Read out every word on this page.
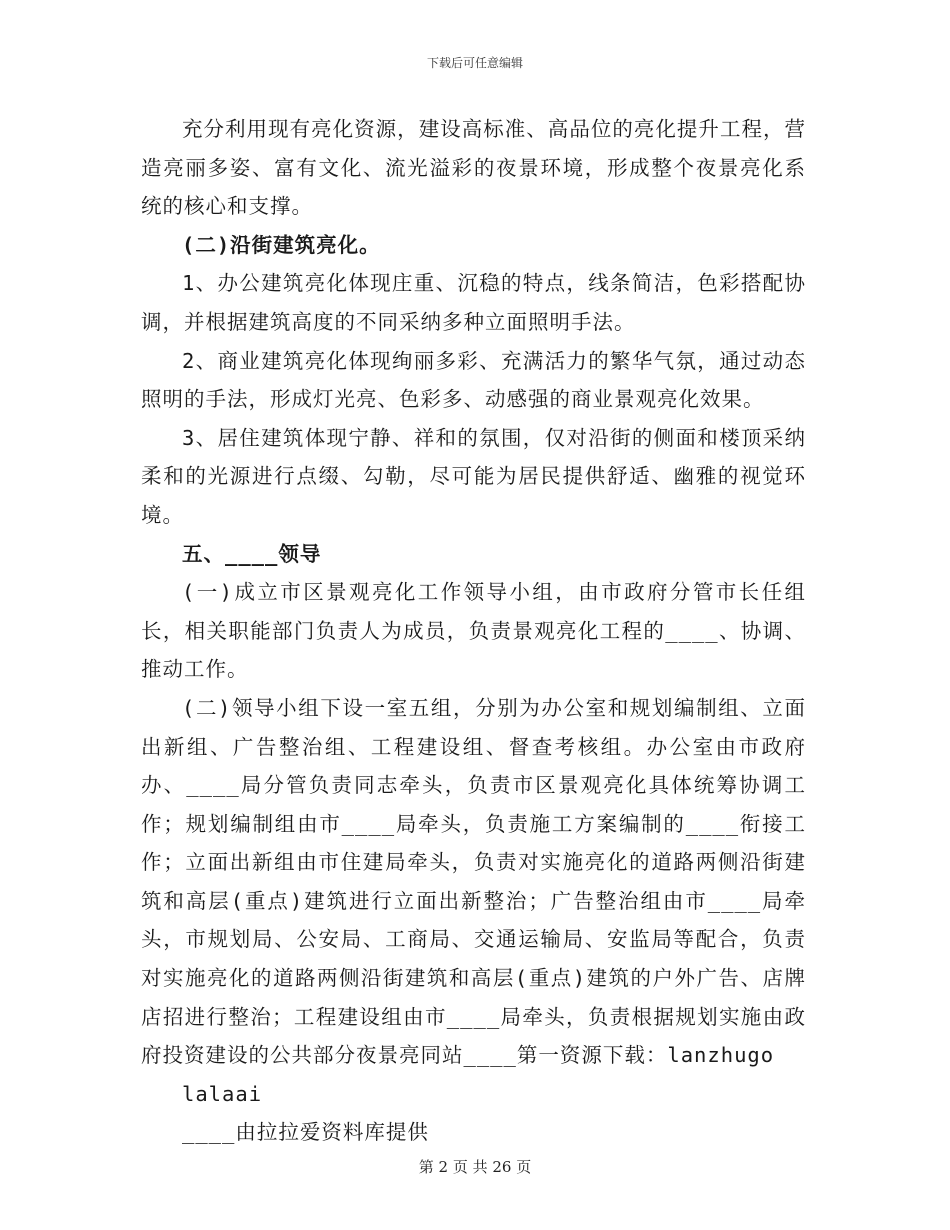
下载后可任意编辑

充分利用现有亮化资源，建设高标准、高品位的亮化提升工程，营造亮丽多姿、富有文化、流光溢彩的夜景环境，形成整个夜景亮化系统的核心和支撑。

(二)沿街建筑亮化。

1、办公建筑亮化体现庄重、沉稳的特点，线条简洁，色彩搭配协调，并根据建筑高度的不同采纳多种立面照明手法。

2、商业建筑亮化体现绚丽多彩、充满活力的繁华气氛，通过动态照明的手法，形成灯光亮、色彩多、动感强的商业景观亮化效果。

3、居住建筑体现宁静、祥和的氛围，仅对沿街的侧面和楼顶采纳柔和的光源进行点缀、勾勒，尽可能为居民提供舒适、幽雅的视觉环境。

五、____领导

(一)成立市区景观亮化工作领导小组，由市政府分管市长任组长，相关职能部门负责人为成员，负责景观亮化工程的____、协调、推动工作。

(二)领导小组下设一室五组，分别为办公室和规划编制组、立面出新组、广告整治组、工程建设组、督查考核组。办公室由市政府办、____局分管负责同志牵头，负责市区景观亮化具体统筹协调工作；规划编制组由市____局牵头，负责施工方案编制的____衔接工作；立面出新组由市住建局牵头，负责对实施亮化的道路两侧沿街建筑和高层(重点)建筑进行立面出新整治；广告整治组由市____局牵头，市规划局、公安局、工商局、交通运输局、安监局等配合，负责对实施亮化的道路两侧沿街建筑和高层(重点)建筑的户外广告、店牌店招进行整治；工程建设组由市____局牵头，负责根据规划实施由政府投资建设的公共部分夜景亮同站____第一资源下载：lanzhugo

lalaai

____由拉拉爱资料库提供

第 2 页 共 26 页
